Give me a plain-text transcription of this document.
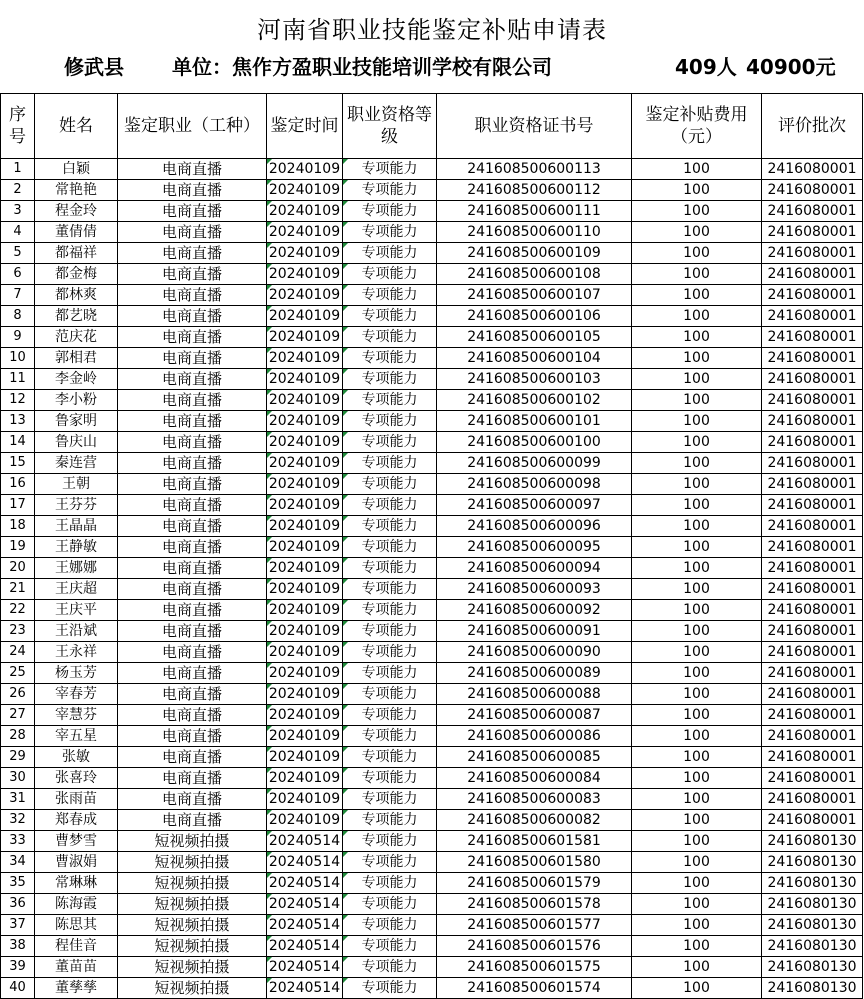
河南省职业技能鉴定补贴申请表
修武县 单位：焦作方盈职业技能培训学校有限公司	409人 40900元
序号	姓名	鉴定职业（工种）	鉴定时间	职业资格等级	职业资格证书号	鉴定补贴费用（元）	评价批次
1	白颖	电商直播	20240109	专项能力	241608500600113	100	2416080001
2	常艳艳	电商直播	20240109	专项能力	241608500600112	100	2416080001
3	程金玲	电商直播	20240109	专项能力	241608500600111	100	2416080001
4	董倩倩	电商直播	20240109	专项能力	241608500600110	100	2416080001
5	都福祥	电商直播	20240109	专项能力	241608500600109	100	2416080001
6	都金梅	电商直播	20240109	专项能力	241608500600108	100	2416080001
7	都林爽	电商直播	20240109	专项能力	241608500600107	100	2416080001
8	都艺晓	电商直播	20240109	专项能力	241608500600106	100	2416080001
9	范庆花	电商直播	20240109	专项能力	241608500600105	100	2416080001
10	郭相君	电商直播	20240109	专项能力	241608500600104	100	2416080001
11	李金岭	电商直播	20240109	专项能力	241608500600103	100	2416080001
12	李小粉	电商直播	20240109	专项能力	241608500600102	100	2416080001
13	鲁家明	电商直播	20240109	专项能力	241608500600101	100	2416080001
14	鲁庆山	电商直播	20240109	专项能力	241608500600100	100	2416080001
15	秦连营	电商直播	20240109	专项能力	241608500600099	100	2416080001
16	王朝	电商直播	20240109	专项能力	241608500600098	100	2416080001
17	王芬芬	电商直播	20240109	专项能力	241608500600097	100	2416080001
18	王晶晶	电商直播	20240109	专项能力	241608500600096	100	2416080001
19	王静敏	电商直播	20240109	专项能力	241608500600095	100	2416080001
20	王娜娜	电商直播	20240109	专项能力	241608500600094	100	2416080001
21	王庆超	电商直播	20240109	专项能力	241608500600093	100	2416080001
22	王庆平	电商直播	20240109	专项能力	241608500600092	100	2416080001
23	王沿斌	电商直播	20240109	专项能力	241608500600091	100	2416080001
24	王永祥	电商直播	20240109	专项能力	241608500600090	100	2416080001
25	杨玉芳	电商直播	20240109	专项能力	241608500600089	100	2416080001
26	宰春芳	电商直播	20240109	专项能力	241608500600088	100	2416080001
27	宰慧芬	电商直播	20240109	专项能力	241608500600087	100	2416080001
28	宰五星	电商直播	20240109	专项能力	241608500600086	100	2416080001
29	张敏	电商直播	20240109	专项能力	241608500600085	100	2416080001
30	张喜玲	电商直播	20240109	专项能力	241608500600084	100	2416080001
31	张雨苗	电商直播	20240109	专项能力	241608500600083	100	2416080001
32	郑春成	电商直播	20240109	专项能力	241608500600082	100	2416080001
33	曹梦雪	短视频拍摄	20240514	专项能力	241608500601581	100	2416080130
34	曹淑娟	短视频拍摄	20240514	专项能力	241608500601580	100	2416080130
35	常琳琳	短视频拍摄	20240514	专项能力	241608500601579	100	2416080130
36	陈海霞	短视频拍摄	20240514	专项能力	241608500601578	100	2416080130
37	陈思其	短视频拍摄	20240514	专项能力	241608500601577	100	2416080130
38	程佳音	短视频拍摄	20240514	专项能力	241608500601576	100	2416080130
39	董苗苗	短视频拍摄	20240514	专项能力	241608500601575	100	2416080130
40	董孳孳	短视频拍摄	20240514	专项能力	241608500601574	100	2416080130
